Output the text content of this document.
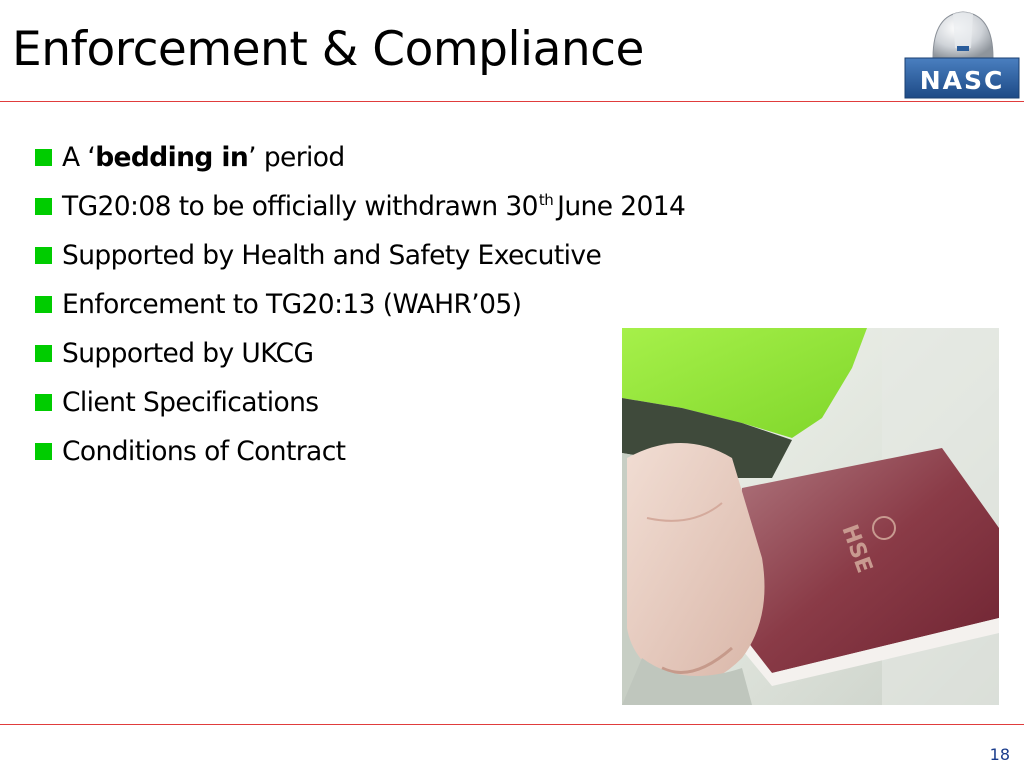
Enforcement & Compliance
NASC
A ‘bedding in’ period
TG20:08 to be officially withdrawn 30th June 2014
Supported by Health and Safety Executive
Enforcement to TG20:13 (WAHR’05)
Supported by UKCG
Client Specifications
Conditions of Contract
HSE
18
